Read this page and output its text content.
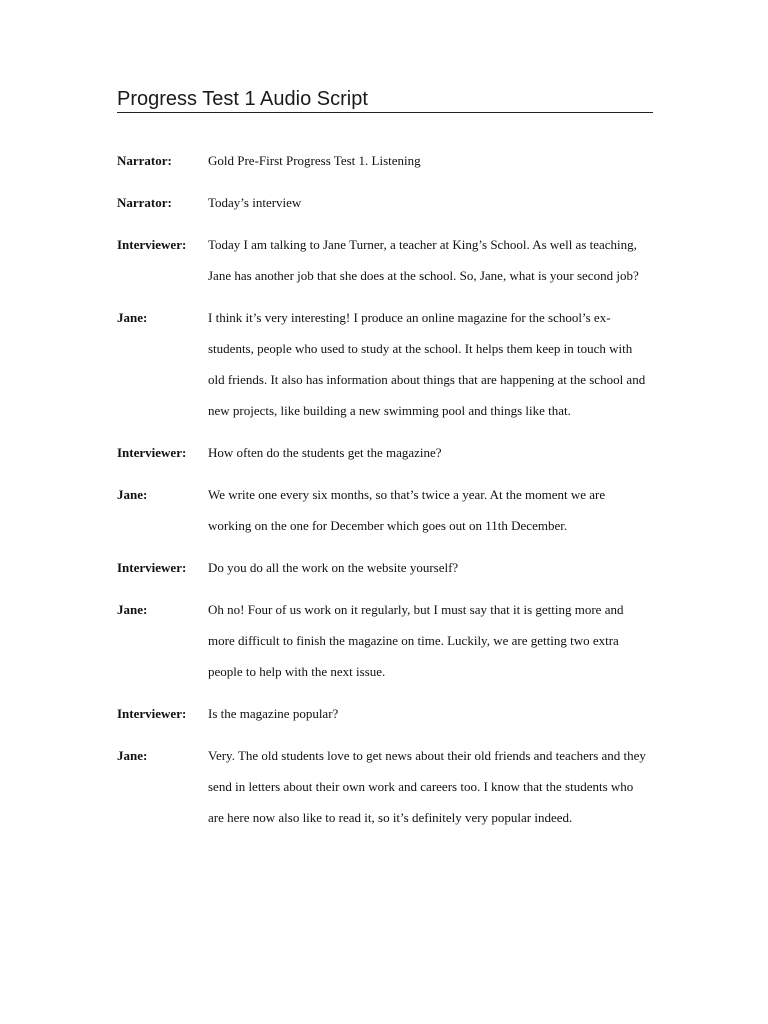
Progress Test 1 Audio Script
Narrator:	Gold Pre-First Progress Test 1. Listening
Narrator:	Today’s interview
Interviewer:	Today I am talking to Jane Turner, a teacher at King’s School. As well as teaching, Jane has another job that she does at the school. So, Jane, what is your second job?
Jane:	I think it’s very interesting! I produce an online magazine for the school’s ex-students, people who used to study at the school. It helps them keep in touch with old friends. It also has information about things that are happening at the school and new projects, like building a new swimming pool and things like that.
Interviewer:	How often do the students get the magazine?
Jane:	We write one every six months, so that’s twice a year. At the moment we are working on the one for December which goes out on 11th December.
Interviewer:	Do you do all the work on the website yourself?
Jane:	Oh no! Four of us work on it regularly, but I must say that it is getting more and more difficult to finish the magazine on time. Luckily, we are getting two extra people to help with the next issue.
Interviewer:	Is the magazine popular?
Jane:	Very. The old students love to get news about their old friends and teachers and they send in letters about their own work and careers too. I know that the students who are here now also like to read it, so it’s definitely very popular indeed.
